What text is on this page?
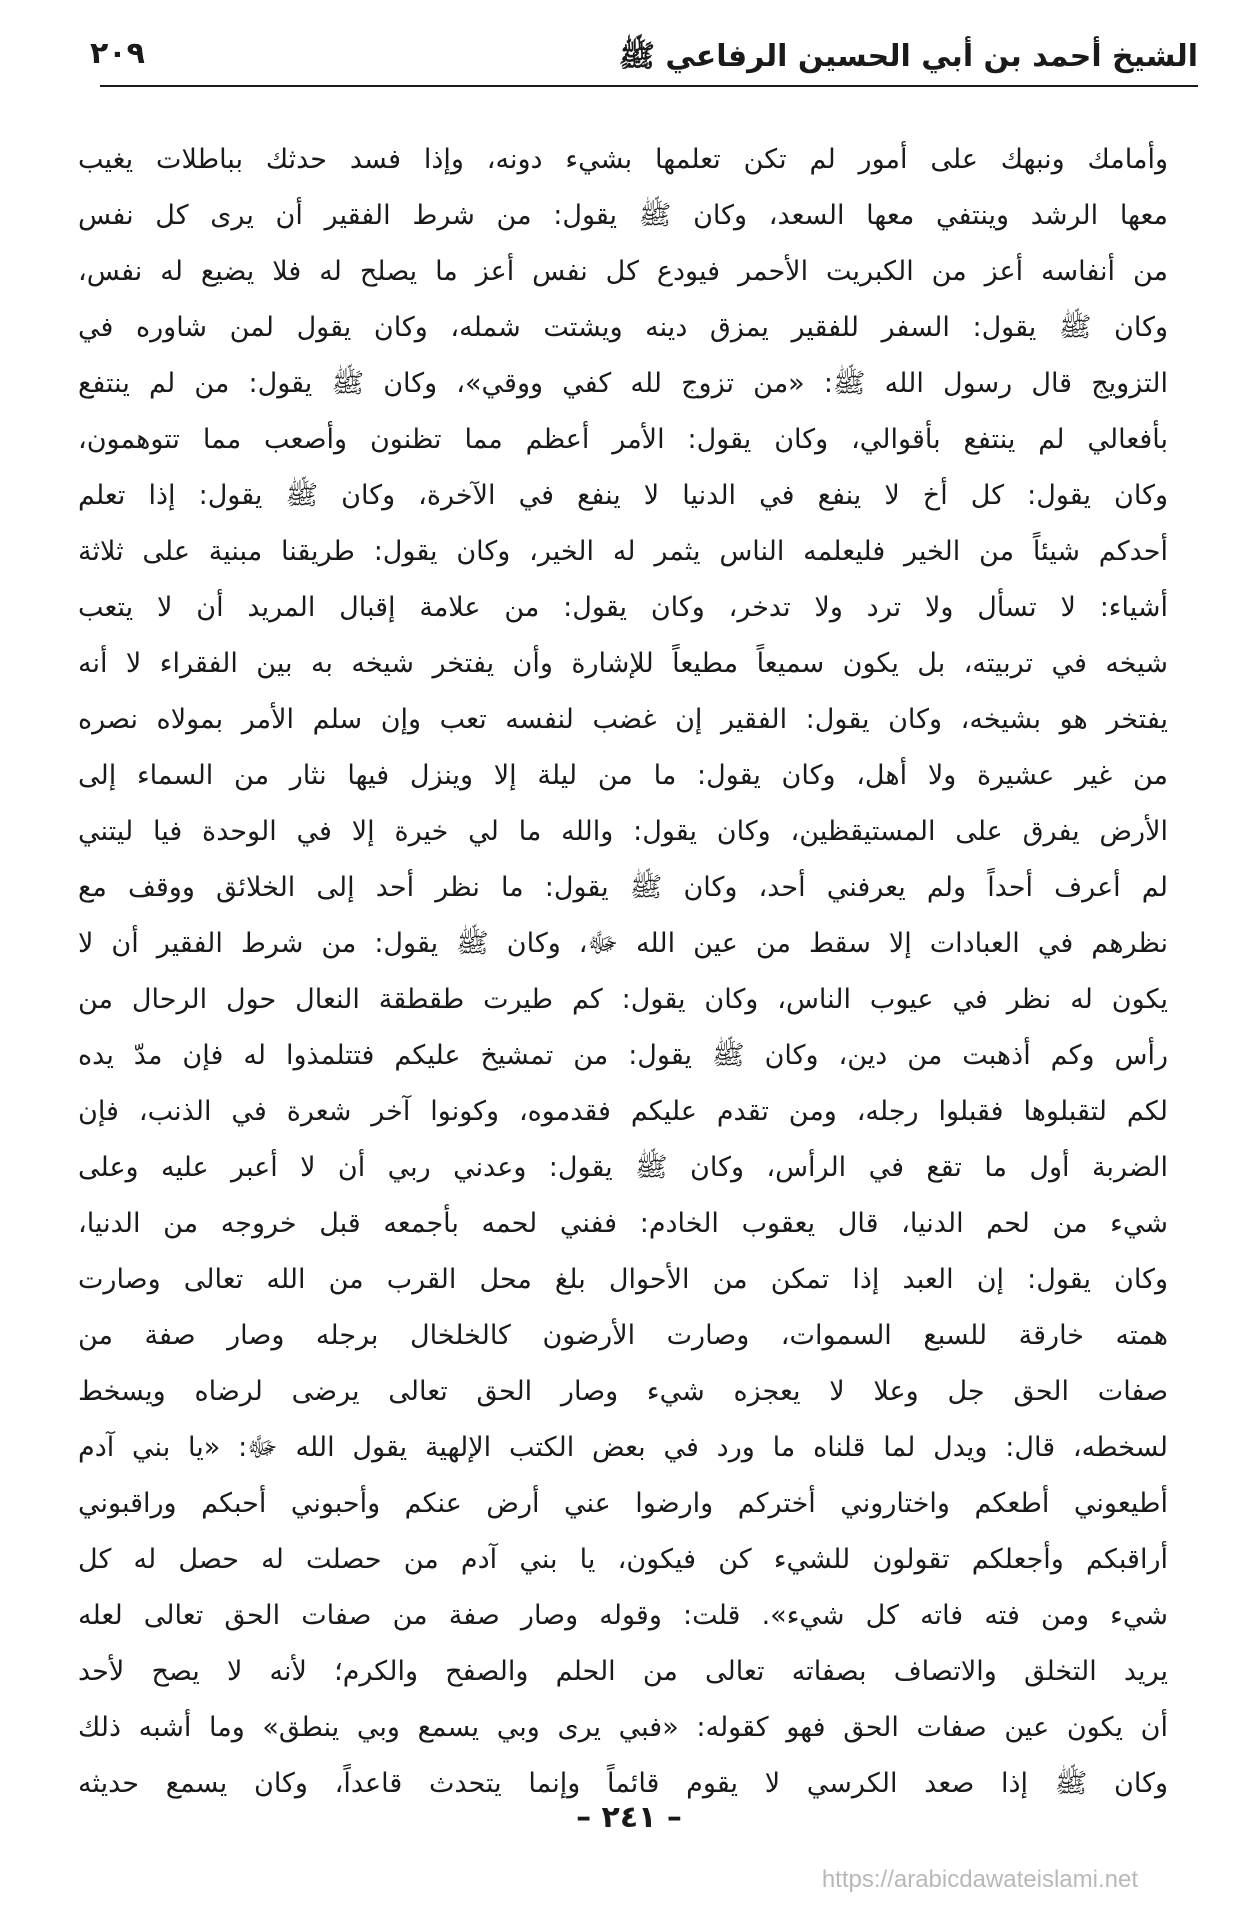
الشيخ أحمد بن أبي الحسين الرفاعي ﷺ
٢٠٩
وأمامك ونبهك على أمور لم تكن تعلمها بشيء دونه، وإذا فسد حدثك بباطلات يغيب
معها الرشد وينتفي معها السعد، وكان ﷺ يقول: من شرط الفقير أن يرى كل نفس
من أنفاسه أعز من الكبريت الأحمر فيودع كل نفس أعز ما يصلح له فلا يضيع له نفس،
وكان ﷺ يقول: السفر للفقير يمزق دينه ويشتت شمله، وكان يقول لمن شاوره في
التزويج قال رسول الله ﷺ: «من تزوج لله كفي ووقي»، وكان ﷺ يقول: من لم ينتفع
بأفعالي لم ينتفع بأقوالي، وكان يقول: الأمر أعظم مما تظنون وأصعب مما تتوهمون،
وكان يقول: كل أخ لا ينفع في الدنيا لا ينفع في الآخرة، وكان ﷺ يقول: إذا تعلم
أحدكم شيئاً من الخير فليعلمه الناس يثمر له الخير، وكان يقول: طريقنا مبنية على ثلاثة
أشياء: لا تسأل ولا ترد ولا تدخر، وكان يقول: من علامة إقبال المريد أن لا يتعب
شيخه في تربيته، بل يكون سميعاً مطيعاً للإشارة وأن يفتخر شيخه به بين الفقراء لا أنه
يفتخر هو بشيخه، وكان يقول: الفقير إن غضب لنفسه تعب وإن سلم الأمر بمولاه نصره
من غير عشيرة ولا أهل، وكان يقول: ما من ليلة إلا وينزل فيها نثار من السماء إلى
الأرض يفرق على المستيقظين، وكان يقول: والله ما لي خيرة إلا في الوحدة فيا ليتني
لم أعرف أحداً ولم يعرفني أحد، وكان ﷺ يقول: ما نظر أحد إلى الخلائق ووقف مع
نظرهم في العبادات إلا سقط من عين الله ﷻ، وكان ﷺ يقول: من شرط الفقير أن لا
يكون له نظر في عيوب الناس، وكان يقول: كم طيرت طقطقة النعال حول الرحال من
رأس وكم أذهبت من دين، وكان ﷺ يقول: من تمشيخ عليكم فتتلمذوا له فإن مدّ يده
لكم لتقبلوها فقبلوا رجله، ومن تقدم عليكم فقدموه، وكونوا آخر شعرة في الذنب، فإن
الضربة أول ما تقع في الرأس، وكان ﷺ يقول: وعدني ربي أن لا أعبر عليه وعلى
شيء من لحم الدنيا، قال يعقوب الخادم: ففني لحمه بأجمعه قبل خروجه من الدنيا،
وكان يقول: إن العبد إذا تمكن من الأحوال بلغ محل القرب من الله تعالى وصارت
همته خارقة للسبع السموات، وصارت الأرضون كالخلخال برجله وصار صفة من
صفات الحق جل وعلا لا يعجزه شيء وصار الحق تعالى يرضى لرضاه ويسخط
لسخطه، قال: ويدل لما قلناه ما ورد في بعض الكتب الإلهية يقول الله ﷻ: «يا بني آدم
أطيعوني أطعكم واختاروني أختركم وارضوا عني أرض عنكم وأحبوني أحبكم وراقبوني
أراقبكم وأجعلكم تقولون للشيء كن فيكون، يا بني آدم من حصلت له حصل له كل
شيء ومن فته فاته كل شيء». قلت: وقوله وصار صفة من صفات الحق تعالى لعله
يريد التخلق والاتصاف بصفاته تعالى من الحلم والصفح والكرم؛ لأنه لا يصح لأحد
أن يكون عين صفات الحق فهو كقوله: «فبي يرى وبي يسمع وبي ينطق» وما أشبه ذلك
وكان ﷺ إذا صعد الكرسي لا يقوم قائماً وإنما يتحدث قاعداً، وكان يسمع حديثه
– ٢٤١ –
https://arabicdawateislami.net
